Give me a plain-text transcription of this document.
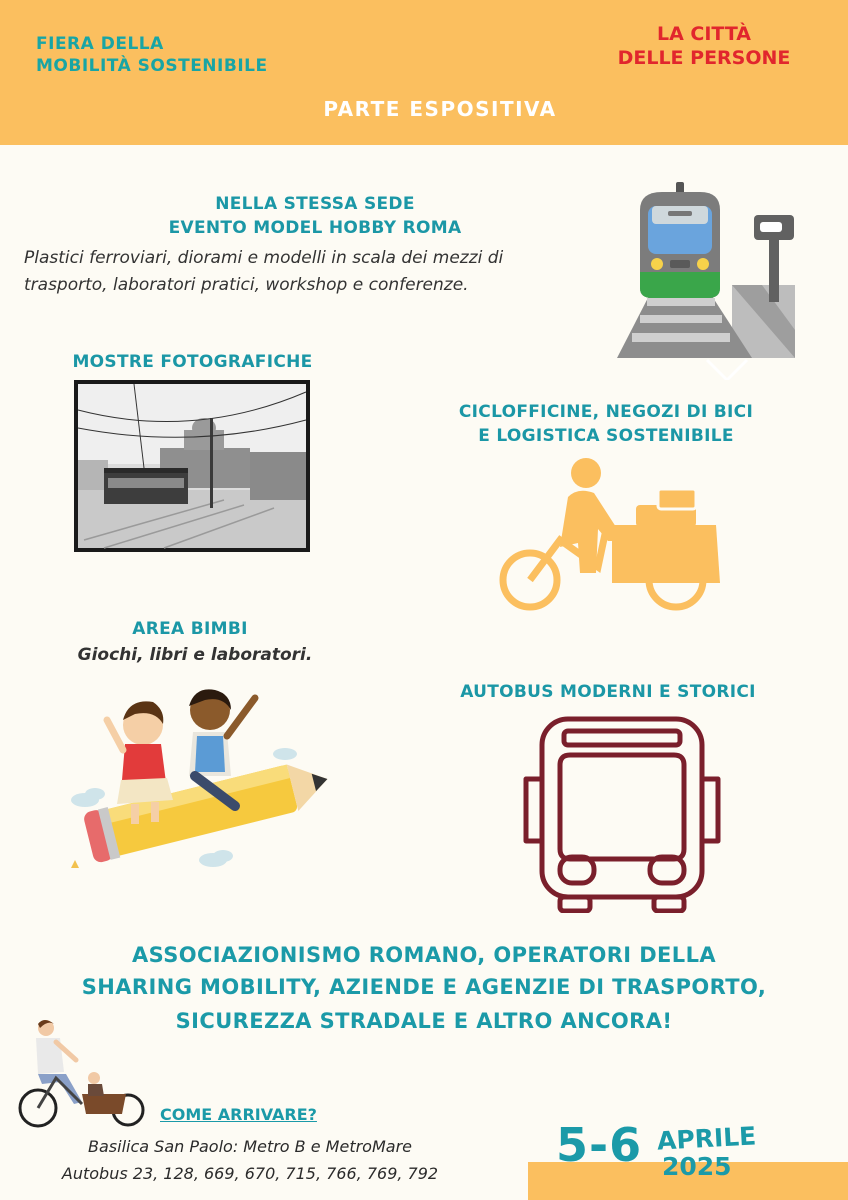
FIERA DELLA
MOBILITÀ SOSTENIBILE
LA CITTÀ
DELLE PERSONE
PARTE ESPOSITIVA
NELLA STESSA SEDE
EVENTO MODEL HOBBY ROMA
Plastici ferroviari, diorami e modelli in scala dei mezzi di
trasporto, laboratori pratici, workshop e conferenze.
MOSTRE FOTOGRAFICHE
CICLOFFICINE, NEGOZI DI BICI
E LOGISTICA SOSTENIBILE
AREA BIMBI
Giochi, libri e laboratori.
AUTOBUS MODERNI E STORICI
ASSOCIAZIONISMO ROMANO, OPERATORI DELLA
SHARING MOBILITY, AZIENDE E AGENZIE DI TRASPORTO,
SICUREZZA STRADALE E ALTRO ANCORA!
COME ARRIVARE?
Basilica San Paolo: Metro B e MetroMare
Autobus 23, 128, 669, 670, 715, 766, 769, 792
5-6 APRILE
2025
